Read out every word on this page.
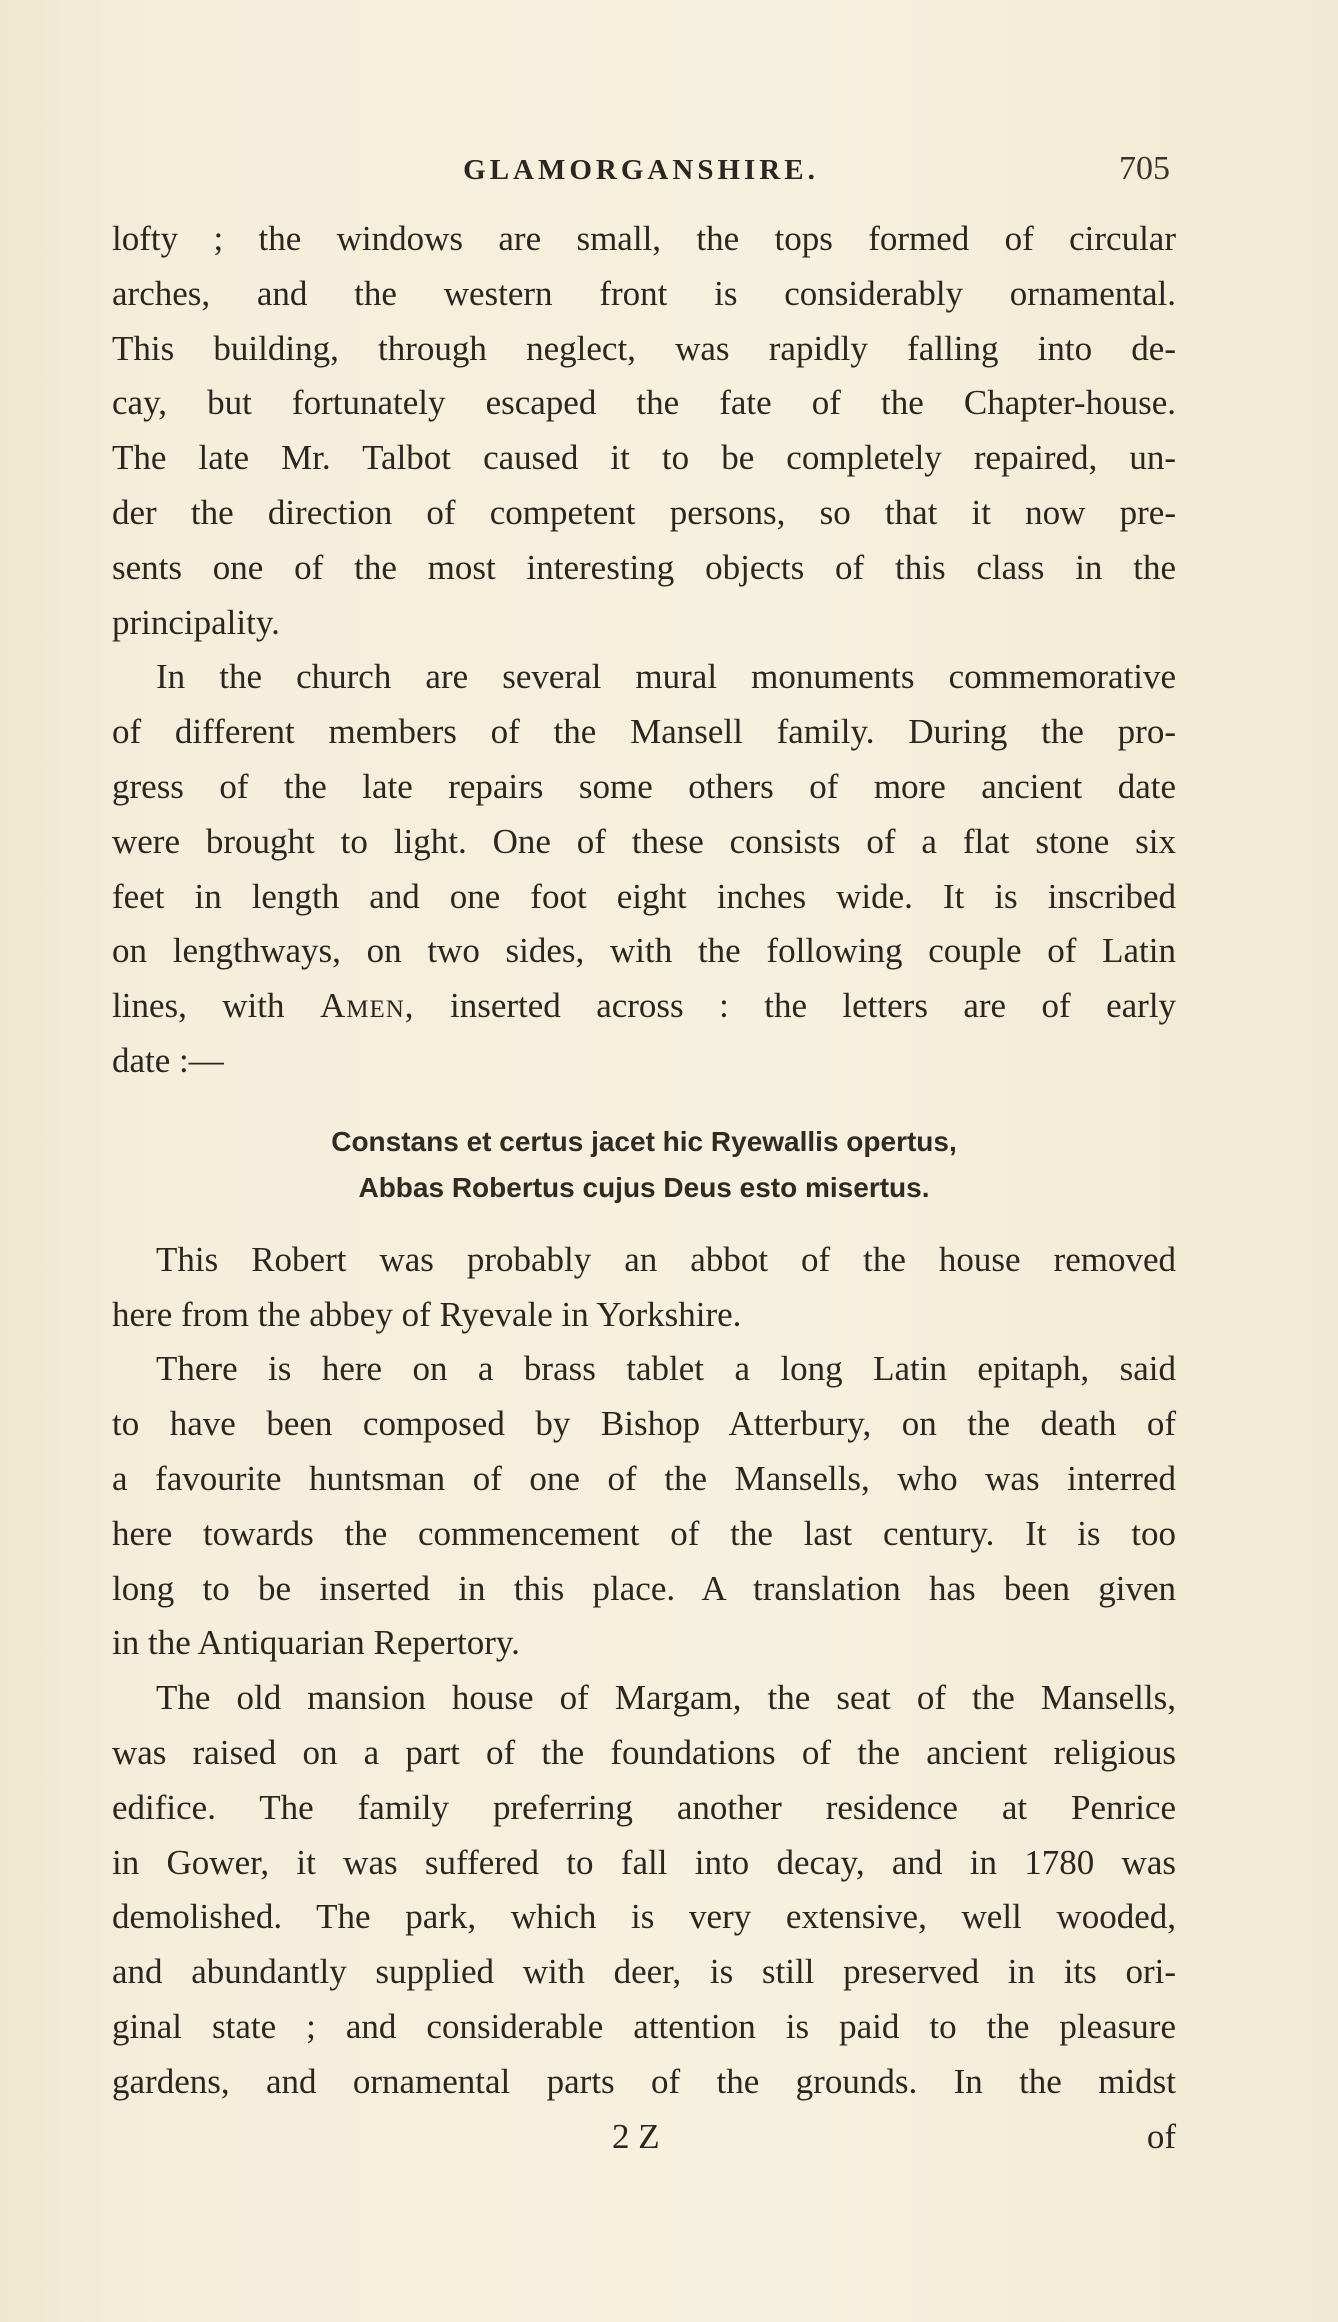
GLAMORGANSHIRE.	705
lofty ; the windows are small, the tops formed of circular
arches, and the western front is considerably ornamental.
This building, through neglect, was rapidly falling into de-
cay, but fortunately escaped the fate of the Chapter-house.
The late Mr. Talbot caused it to be completely repaired, un-
der the direction of competent persons, so that it now pre-
sents one of the most interesting objects of this class in the
principality.
In the church are several mural monuments commemorative
of different members of the Mansell family. During the pro-
gress of the late repairs some others of more ancient date
were brought to light. One of these consists of a flat stone six
feet in length and one foot eight inches wide. It is inscribed
on lengthways, on two sides, with the following couple of Latin
lines, with Amen, inserted across : the letters are of early
date :—
Constans et certus jacet hic Ryewallis opertus,
Abbas Robertus cujus Deus esto misertus.
This Robert was probably an abbot of the house removed
here from the abbey of Ryevale in Yorkshire.
There is here on a brass tablet a long Latin epitaph, said
to have been composed by Bishop Atterbury, on the death of
a favourite huntsman of one of the Mansells, who was interred
here towards the commencement of the last century. It is too
long to be inserted in this place. A translation has been given
in the Antiquarian Repertory.
The old mansion house of Margam, the seat of the Mansells,
was raised on a part of the foundations of the ancient religious
edifice. The family preferring another residence at Penrice
in Gower, it was suffered to fall into decay, and in 1780 was
demolished. The park, which is very extensive, well wooded,
and abundantly supplied with deer, is still preserved in its ori-
ginal state ; and considerable attention is paid to the pleasure
gardens, and ornamental parts of the grounds. In the midst
2 Z	of
